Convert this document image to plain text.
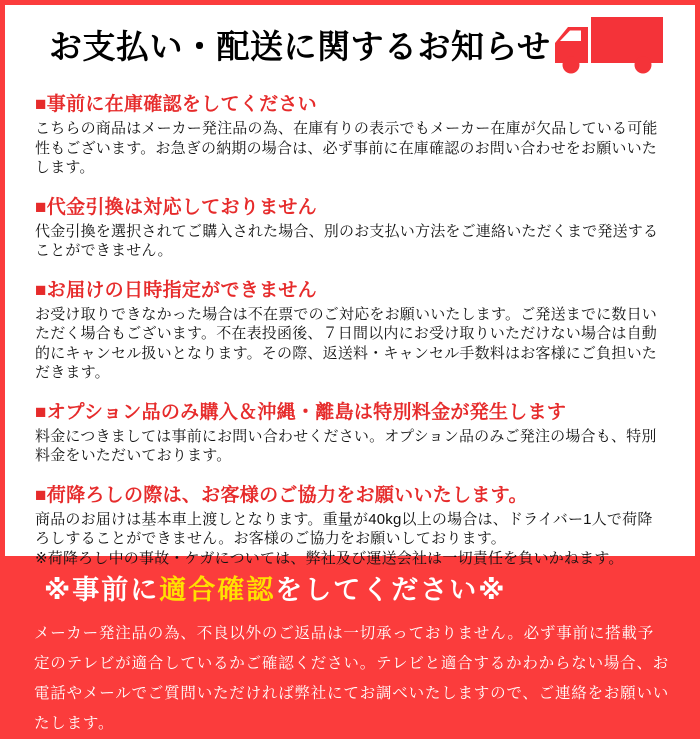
お支払い・配送に関するお知らせ
■事前に在庫確認をしてください

こちらの商品はメーカー発注品の為、在庫有りの表示でもメーカー在庫が欠品している可能性もございます。お急ぎの納期の場合は、必ず事前に在庫確認のお問い合わせをお願いいたします。

■代金引換は対応しておりません

代金引換を選択されてご購入された場合、別のお支払い方法をご連絡いただくまで発送することができません。

■お届けの日時指定ができません

お受け取りできなかった場合は不在票でのご対応をお願いいたします。ご発送までに数日いただく場合もございます。不在表投函後、７日間以内にお受け取りいただけない場合は自動的にキャンセル扱いとなります。その際、返送料・キャンセル手数料はお客様にご負担いただきます。

■オプション品のみ購入＆沖縄・離島は特別料金が発生します

料金につきましては事前にお問い合わせください。オプション品のみご発注の場合も、特別料金をいただいております。

■荷降ろしの際は、お客様のご協力をお願いいたします。

商品のお届けは基本車上渡しとなります。重量が40kg以上の場合は、ドライバー1人で荷降ろしすることができません。お客様のご協力をお願いしております。

※荷降ろし中の事故・ケガについては、弊社及び運送会社は一切責任を負いかねます。

※事前に適合確認をしてください※

メーカー発注品の為、不良以外のご返品は一切承っておりません。必ず事前に搭載予定のテレビが適合しているかご確認ください。テレビと適合するかわからない場合、お電話やメールでご質問いただければ弊社にてお調べいたしますので、ご連絡をお願いいたします。
